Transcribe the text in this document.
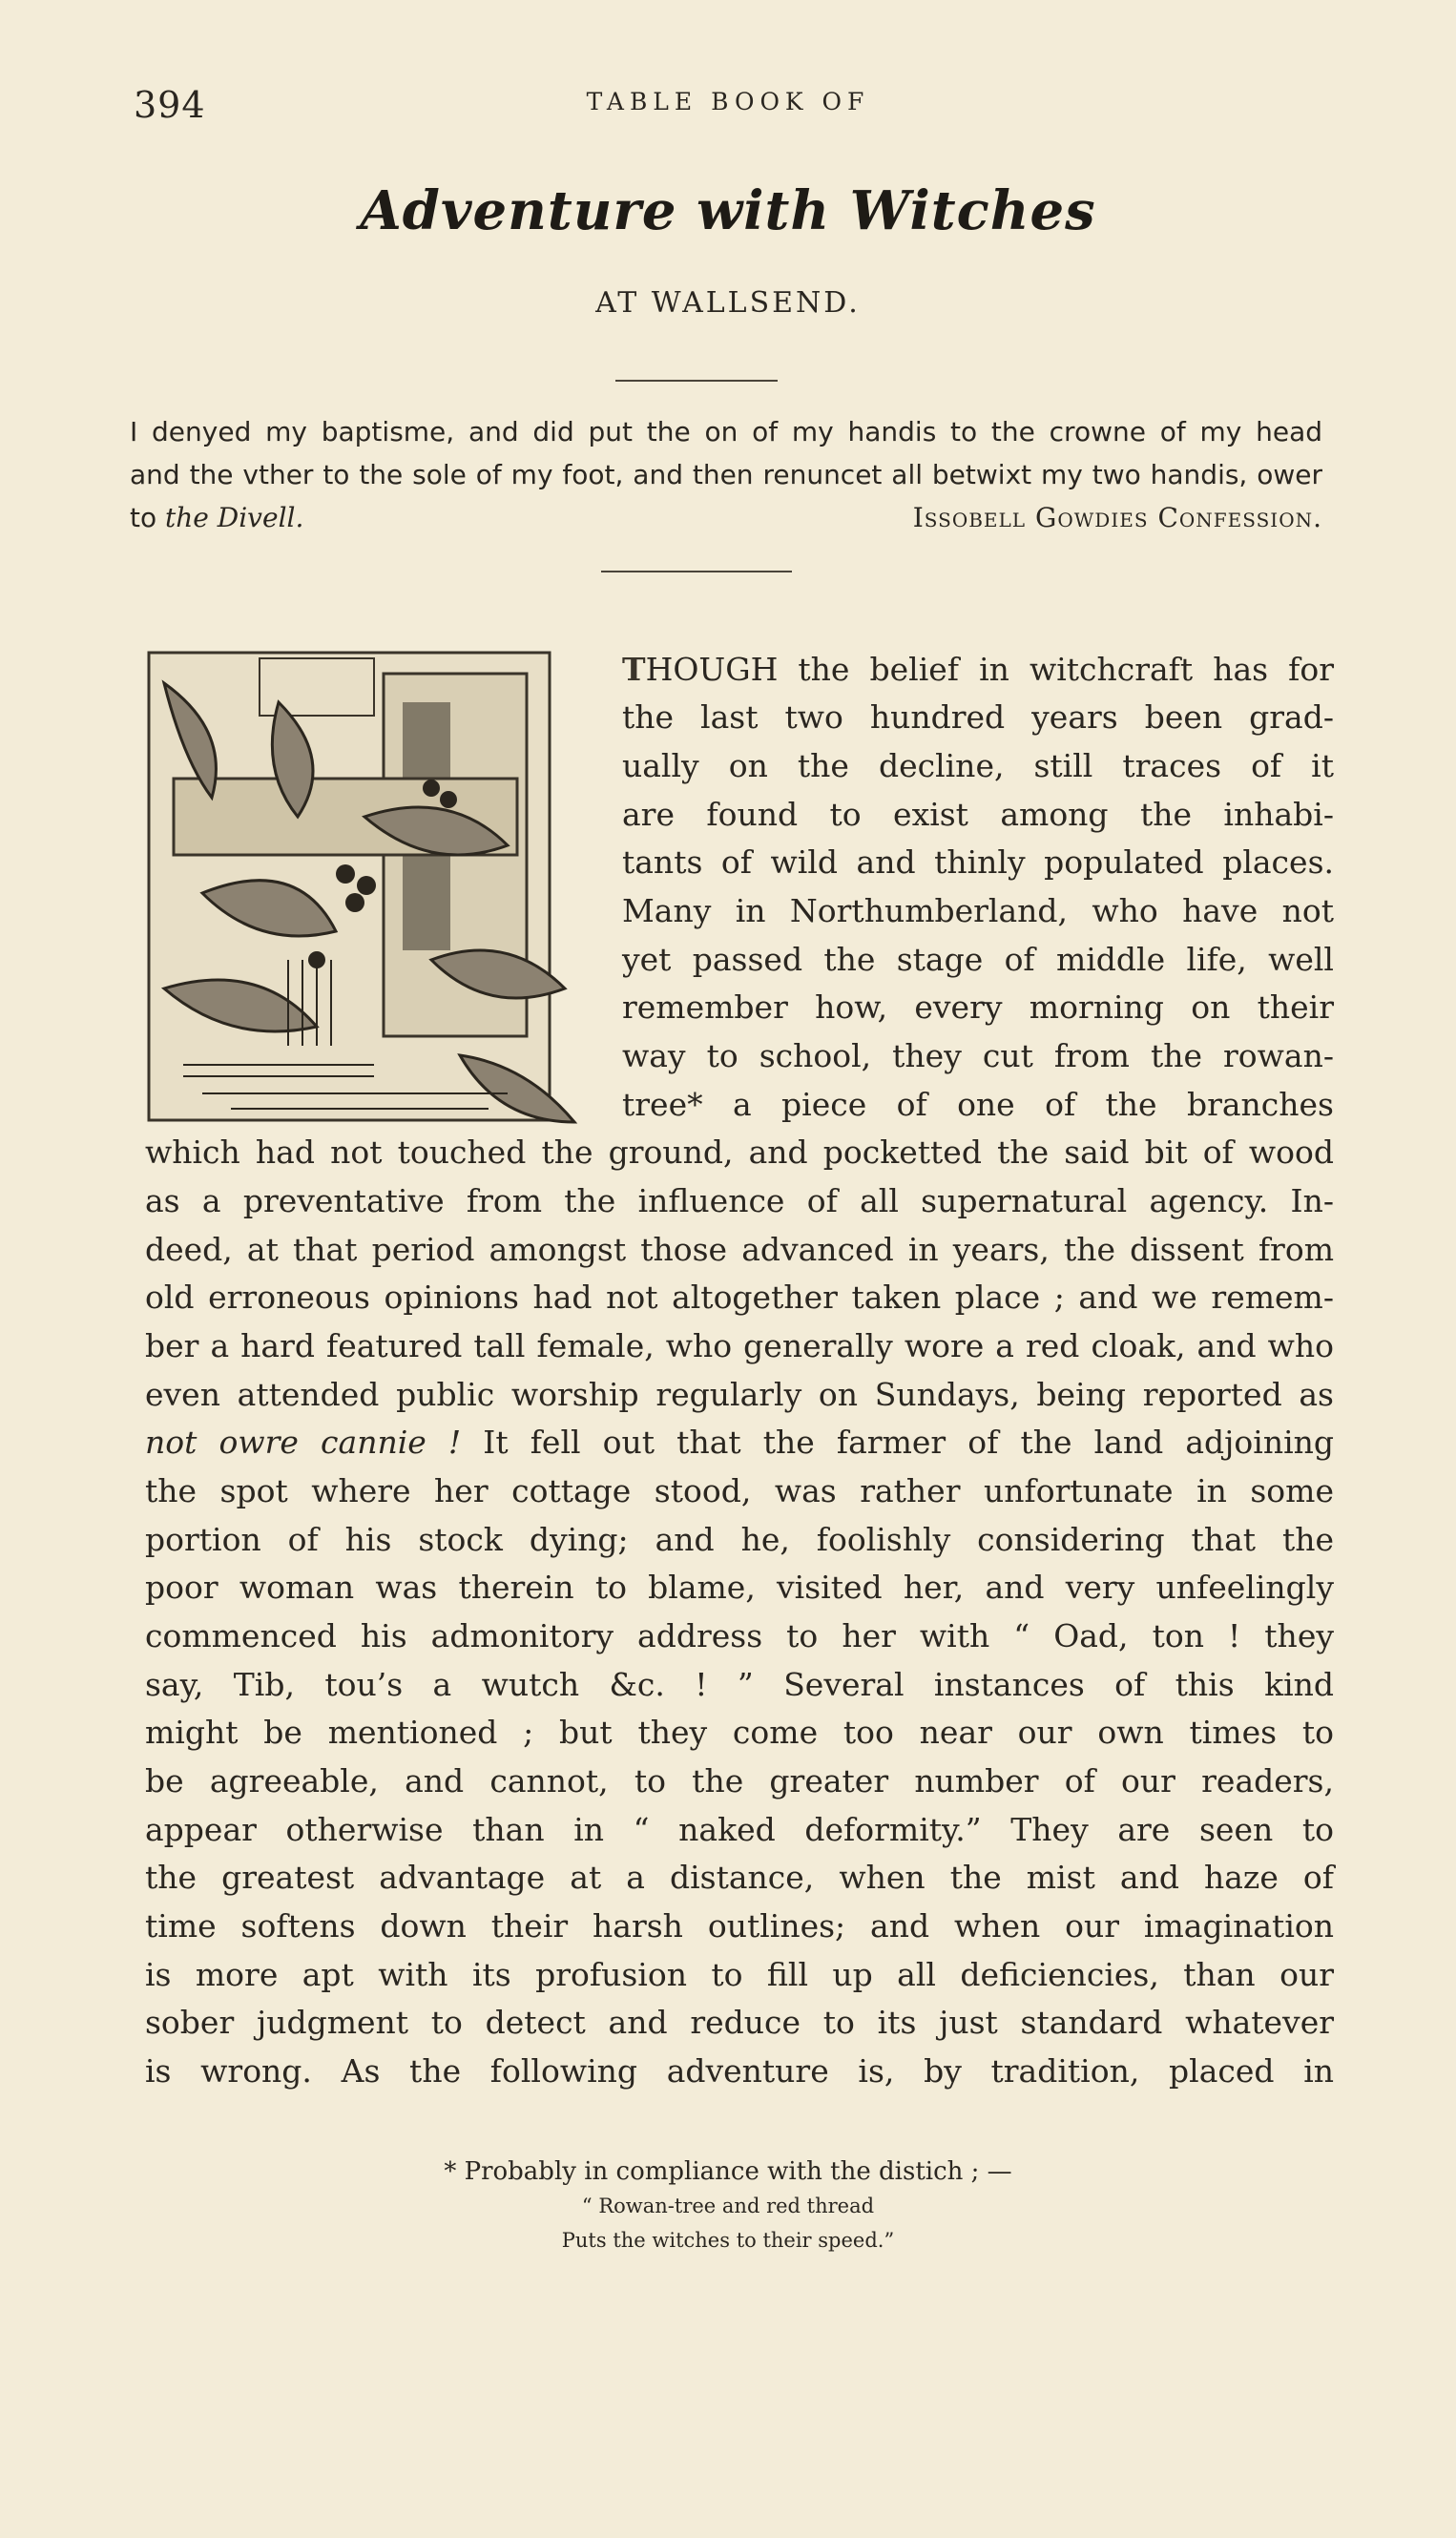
394	TABLE BOOK OF
Adventure with Witches
AT WALLSEND.
I denyed my baptisme, and did put the on of my handis to the crowne of my head
and the vther to the sole of my foot, and then renuncet all betwixt my two handis, ower
to the Divell.	Issobell Gowdies Confession.
THOUGH the belief in witchcraft has for
the last two hundred years been grad-
ually on the decline, still traces of it
are found to exist among the inhabi-
tants of wild and thinly populated places.
Many in Northumberland, who have not
yet passed the stage of middle life, well
remember how, every morning on their
way to school, they cut from the rowan-
tree* a piece of one of the branches
which had not touched the ground, and pocketted the said bit of wood
as a preventative from the influence of all supernatural agency. In-
deed, at that period amongst those advanced in years, the dissent from
old erroneous opinions had not altogether taken place ; and we remem-
ber a hard featured tall female, who generally wore a red cloak, and who
even attended public worship regularly on Sundays, being reported as
not owre cannie ! It fell out that the farmer of the land adjoining
the spot where her cottage stood, was rather unfortunate in some
portion of his stock dying; and he, foolishly considering that the
poor woman was therein to blame, visited her, and very unfeelingly
commenced his admonitory address to her with “ Oad, ton ! they
say, Tib, tou’s a wutch &c. ! ” Several instances of this kind
might be mentioned ; but they come too near our own times to
be agreeable, and cannot, to the greater number of our readers,
appear otherwise than in “ naked deformity.” They are seen to
the greatest advantage at a distance, when the mist and haze of
time softens down their harsh outlines; and when our imagination
is more apt with its profusion to fill up all deficiencies, than our
sober judgment to detect and reduce to its just standard whatever
is wrong. As the following adventure is, by tradition, placed in
* Probably in compliance with the distich ; —
“ Rowan-tree and red thread
Puts the witches to their speed.”
